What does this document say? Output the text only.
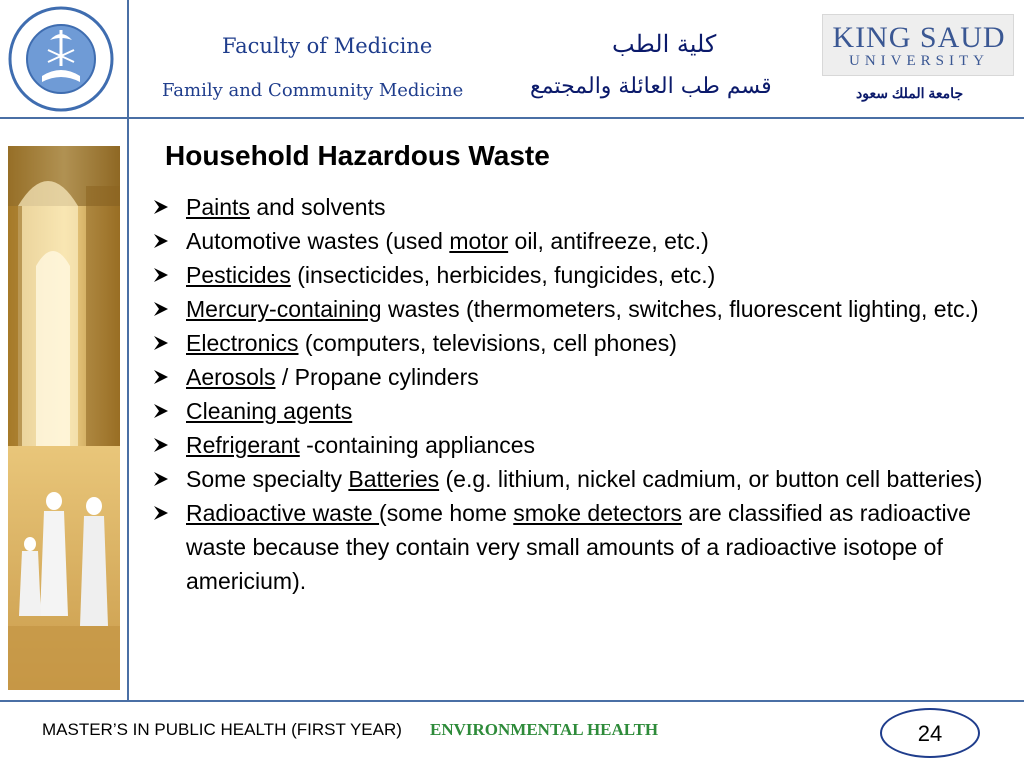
Faculty of Medicine
Family and Community Medicine
كلية الطب
قسم طب العائلة والمجتمع
KING SAUD
UNIVERSITY
جامعة الملك سعود
Household Hazardous Waste
Paints and solvents
Automotive wastes (used motor oil, antifreeze, etc.)
Pesticides (insecticides, herbicides, fungicides, etc.)
Mercury-containing wastes (thermometers, switches, fluorescent lighting, etc.)
Electronics (computers, televisions, cell phones)
Aerosols / Propane cylinders
Cleaning agents
Refrigerant -containing appliances
Some specialty Batteries (e.g. lithium, nickel cadmium, or button cell batteries)
Radioactive waste (some home smoke detectors are classified as radioactive waste because they contain very small amounts of a radioactive isotope of americium).
MASTER’S IN PUBLIC HEALTH (FIRST YEAR) ENVIRONMENTAL HEALTH	24
